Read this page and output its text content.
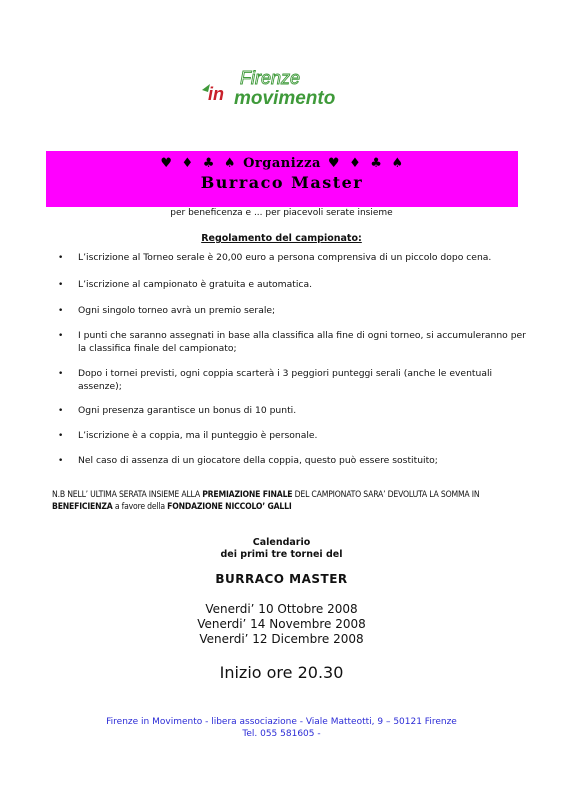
in
Firenze
movimento
♥ ♦ ♣ ♠ Organizza ♥ ♦ ♣ ♠
Burraco Master
per beneficenza e ... per piacevoli serate insieme
Regolamento del campionato:
• L’iscrizione al Torneo serale è 20,00 euro a persona comprensiva di un piccolo dopo cena.
• L’iscrizione al campionato è gratuita e automatica.
• Ogni singolo torneo avrà un premio serale;
• I punti che saranno assegnati in base alla classifica alla fine di ogni torneo, si accumuleranno per la classifica finale del campionato;
• Dopo i tornei previsti, ogni coppia scarterà i 3 peggiori punteggi serali (anche le eventuali assenze);
• Ogni presenza garantisce un bonus di 10 punti.
• L’iscrizione è a coppia, ma il punteggio è personale.
• Nel caso di assenza di un giocatore della coppia, questo può essere sostituito;
N.B NELL’ ULTIMA SERATA INSIEME ALLA PREMIAZIONE FINALE DEL CAMPIONATO SARA’ DEVOLUTA LA SOMMA IN BENEFICIENZA a favore della FONDAZIONE NICCOLO’ GALLI
Calendario
dei primi tre tornei del
BURRACO MASTER
Venerdi’ 10 Ottobre 2008
Venerdi’ 14 Novembre 2008
Venerdi’ 12 Dicembre 2008
Inizio ore 20.30
Firenze in Movimento - libera associazione - Viale Matteotti, 9 – 50121 Firenze
Tel. 055 581605 -
